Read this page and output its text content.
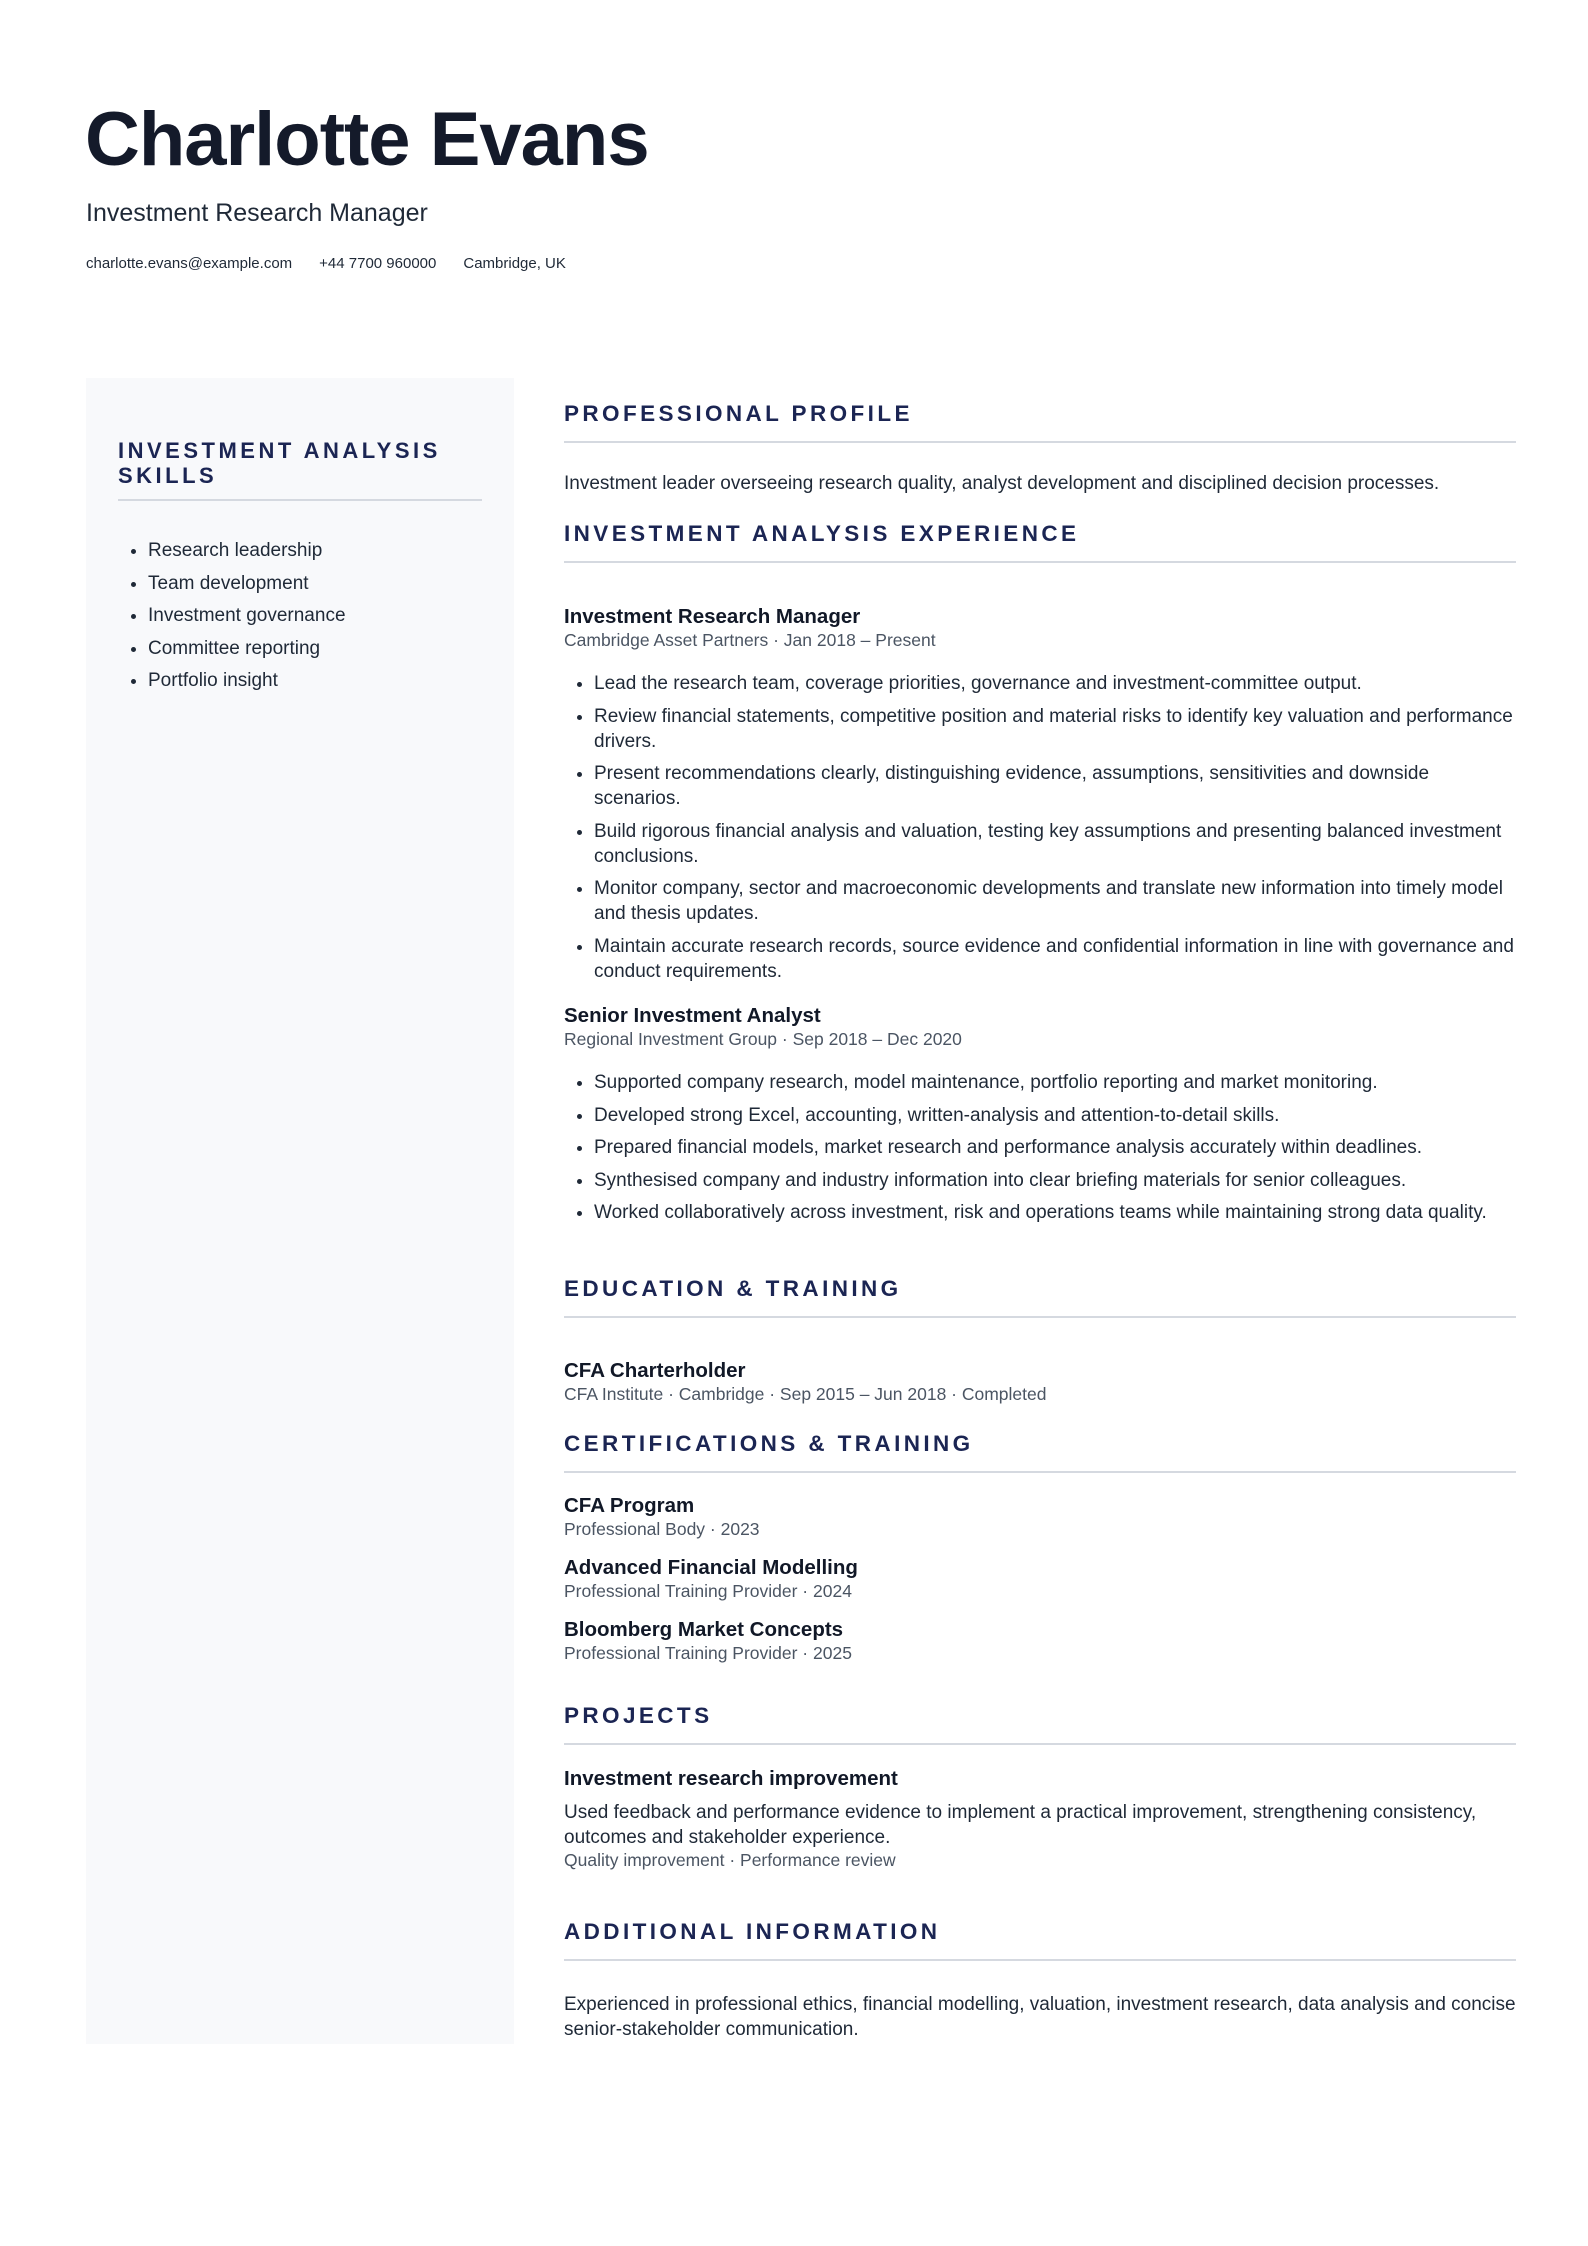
Charlotte Evans
Investment Research Manager
charlotte.evans@example.com +44 7700 960000 Cambridge, UK
INVESTMENT ANALYSIS SKILLS
• Research leadership
• Team development
• Investment governance
• Committee reporting
• Portfolio insight
PROFESSIONAL PROFILE
Investment leader overseeing research quality, analyst development and disciplined decision processes.
INVESTMENT ANALYSIS EXPERIENCE
Investment Research Manager
Cambridge Asset Partners · Jan 2018 – Present
• Lead the research team, coverage priorities, governance and investment-committee output.
• Review financial statements, competitive position and material risks to identify key valuation and performance drivers.
• Present recommendations clearly, distinguishing evidence, assumptions, sensitivities and downside scenarios.
• Build rigorous financial analysis and valuation, testing key assumptions and presenting balanced investment conclusions.
• Monitor company, sector and macroeconomic developments and translate new information into timely model and thesis updates.
• Maintain accurate research records, source evidence and confidential information in line with governance and conduct requirements.
Senior Investment Analyst
Regional Investment Group · Sep 2018 – Dec 2020
• Supported company research, model maintenance, portfolio reporting and market monitoring.
• Developed strong Excel, accounting, written-analysis and attention-to-detail skills.
• Prepared financial models, market research and performance analysis accurately within deadlines.
• Synthesised company and industry information into clear briefing materials for senior colleagues.
• Worked collaboratively across investment, risk and operations teams while maintaining strong data quality.
EDUCATION & TRAINING
CFA Charterholder
CFA Institute · Cambridge · Sep 2015 – Jun 2018 · Completed
CERTIFICATIONS & TRAINING
CFA Program
Professional Body · 2023
Advanced Financial Modelling
Professional Training Provider · 2024
Bloomberg Market Concepts
Professional Training Provider · 2025
PROJECTS
Investment research improvement
Used feedback and performance evidence to implement a practical improvement, strengthening consistency, outcomes and stakeholder experience.
Quality improvement · Performance review
ADDITIONAL INFORMATION
Experienced in professional ethics, financial modelling, valuation, investment research, data analysis and concise senior-stakeholder communication.
